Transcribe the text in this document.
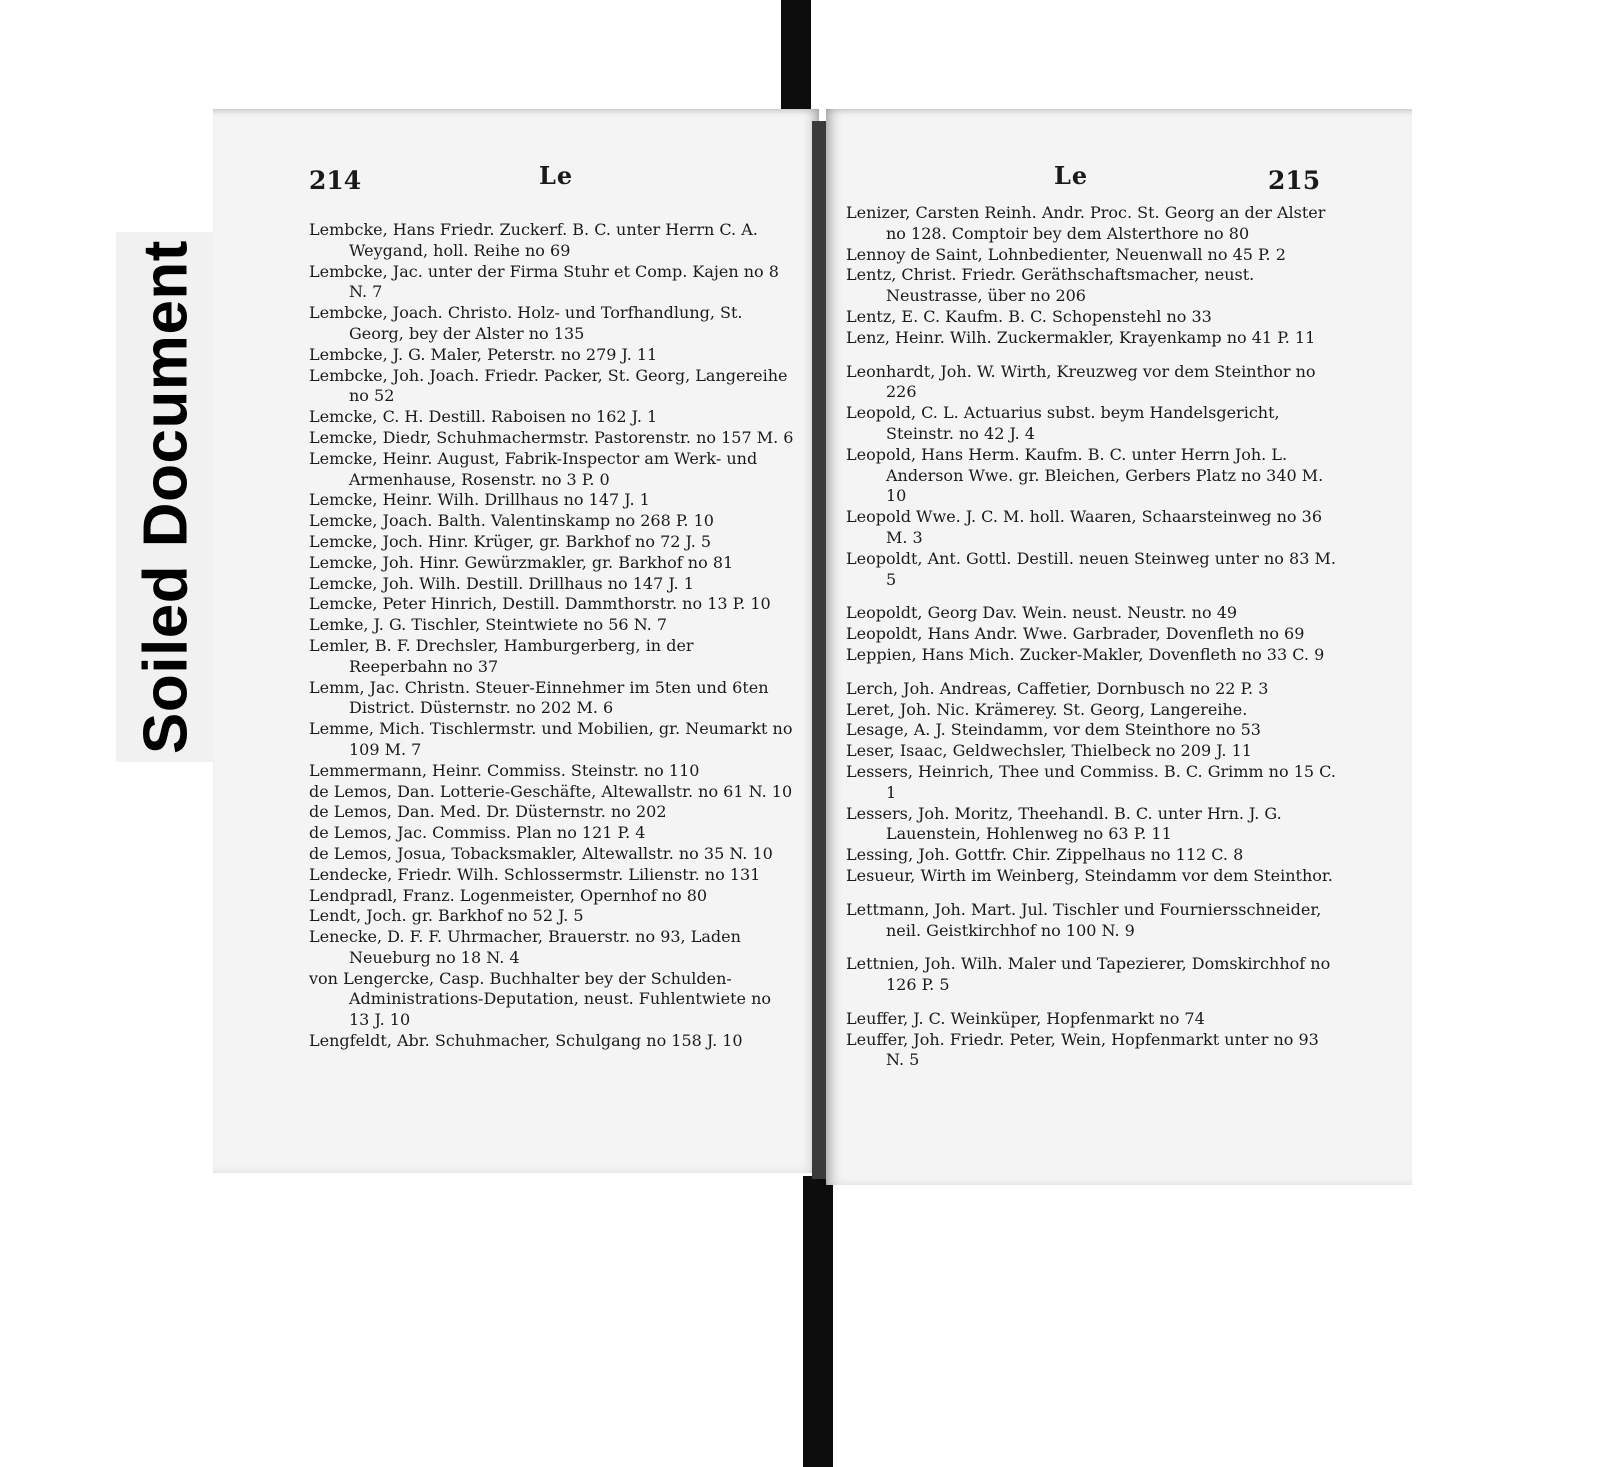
Soiled Document
214	Le
Lembcke, Hans Friedr. Zuckerf. B. C. unter Herrn C. A. Weygand, holl. Reihe no 69
Lembcke, Jac. unter der Firma Stuhr et Comp. Kajen no 8 N. 7
Lembcke, Joach. Christo. Holz- und Torfhandlung, St. Georg, bey der Alster no 135
Lembcke, J. G. Maler, Peterstr. no 279 J. 11
Lembcke, Joh. Joach. Friedr. Packer, St. Georg, Langereihe no 52
Lemcke, C. H. Destill. Raboisen no 162 J. 1
Lemcke, Diedr, Schuhmachermstr. Pastorenstr. no 157 M. 6
Lemcke, Heinr. August, Fabrik-Inspector am Werk- und Armenhause, Rosenstr. no 3 P. 0
Lemcke, Heinr. Wilh. Drillhaus no 147 J. 1
Lemcke, Joach. Balth. Valentinskamp no 268 P. 10
Lemcke, Joch. Hinr. Krüger, gr. Barkhof no 72 J. 5
Lemcke, Joh. Hinr. Gewürzmakler, gr. Barkhof no 81
Lemcke, Joh. Wilh. Destill. Drillhaus no 147 J. 1
Lemcke, Peter Hinrich, Destill. Dammthorstr. no 13 P. 10
Lemke, J. G. Tischler, Steintwiete no 56 N. 7
Lemler, B. F. Drechsler, Hamburgerberg, in der Reeperbahn no 37
Lemm, Jac. Christn. Steuer-Einnehmer im 5ten und 6ten District. Düsternstr. no 202 M. 6
Lemme, Mich. Tischlermstr. und Mobilien, gr. Neumarkt no 109 M. 7
Lemmermann, Heinr. Commiss. Steinstr. no 110
de Lemos, Dan. Lotterie-Geschäfte, Altewallstr. no 61 N. 10
de Lemos, Dan. Med. Dr. Düsternstr. no 202
de Lemos, Jac. Commiss. Plan no 121 P. 4
de Lemos, Josua, Tobacksmakler, Altewallstr. no 35 N. 10
Lendecke, Friedr. Wilh. Schlossermstr. Lilienstr. no 131
Lendpradl, Franz. Logenmeister, Opernhof no 80
Lendt, Joch. gr. Barkhof no 52 J. 5
Lenecke, D. F. F. Uhrmacher, Brauerstr. no 93, Laden Neueburg no 18 N. 4
von Lengercke, Casp. Buchhalter bey der Schulden-Administrations-Deputation, neust. Fuhlentwiete no 13 J. 10
Lengfeldt, Abr. Schuhmacher, Schulgang no 158 J. 10
Le	215
Lenizer, Carsten Reinh. Andr. Proc. St. Georg an der Alster no 128. Comptoir bey dem Alsterthore no 80
Lennoy de Saint, Lohnbedienter, Neuenwall no 45 P. 2
Lentz, Christ. Friedr. Geräthschaftsmacher, neust. Neustrasse, über no 206
Lentz, E. C. Kaufm. B. C. Schopenstehl no 33
Lenz, Heinr. Wilh. Zuckermakler, Krayenkamp no 41 P. 11
Leonhardt, Joh. W. Wirth, Kreuzweg vor dem Steinthor no 226
Leopold, C. L. Actuarius subst. beym Handelsgericht, Steinstr. no 42 J. 4
Leopold, Hans Herm. Kaufm. B. C. unter Herrn Joh. L. Anderson Wwe. gr. Bleichen, Gerbers Platz no 340 M. 10
Leopold Wwe. J. C. M. holl. Waaren, Schaarsteinweg no 36 M. 3
Leopoldt, Ant. Gottl. Destill. neuen Steinweg unter no 83 M. 5
Leopoldt, Georg Dav. Wein. neust. Neustr. no 49
Leopoldt, Hans Andr. Wwe. Garbrader, Dovenfleth no 69
Leppien, Hans Mich. Zucker-Makler, Dovenfleth no 33 C. 9
Lerch, Joh. Andreas, Caffetier, Dornbusch no 22 P. 3
Leret, Joh. Nic. Krämerey. St. Georg, Langereihe.
Lesage, A. J. Steindamm, vor dem Steinthore no 53
Leser, Isaac, Geldwechsler, Thielbeck no 209 J. 11
Lessers, Heinrich, Thee und Commiss. B. C. Grimm no 15 C. 1
Lessers, Joh. Moritz, Theehandl. B. C. unter Hrn. J. G. Lauenstein, Hohlenweg no 63 P. 11
Lessing, Joh. Gottfr. Chir. Zippelhaus no 112 C. 8
Lesueur, Wirth im Weinberg, Steindamm vor dem Steinthor.
Lettmann, Joh. Mart. Jul. Tischler und Fourniersschneider, neil. Geistkirchhof no 100 N. 9
Lettnien, Joh. Wilh. Maler und Tapezierer, Domskirchhof no 126 P. 5
Leuffer, J. C. Weinküper, Hopfenmarkt no 74
Leuffer, Joh. Friedr. Peter, Wein, Hopfenmarkt unter no 93 N. 5
